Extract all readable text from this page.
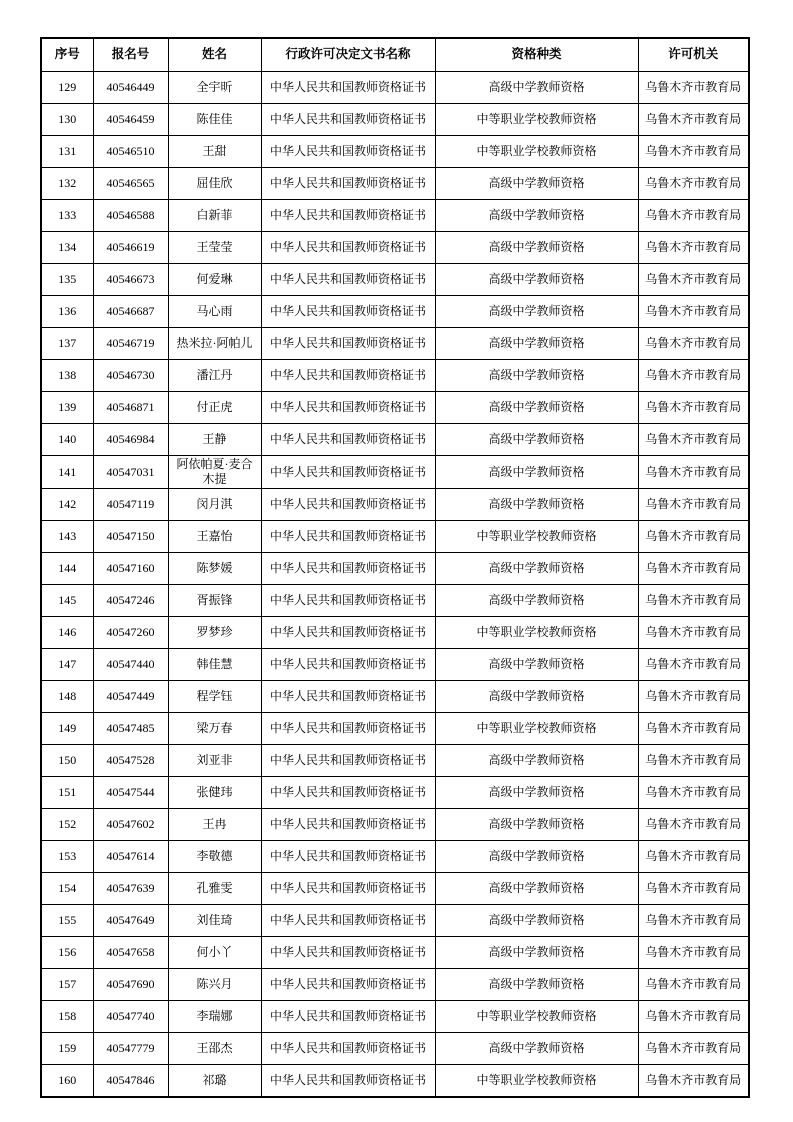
序号	报名号	姓名	行政许可决定文书名称	资格种类	许可机关
129	40546449	全宇昕	中华人民共和国教师资格证书	高级中学教师资格	乌鲁木齐市教育局
130	40546459	陈佳佳	中华人民共和国教师资格证书	中等职业学校教师资格	乌鲁木齐市教育局
131	40546510	王甜	中华人民共和国教师资格证书	中等职业学校教师资格	乌鲁木齐市教育局
132	40546565	屈佳欣	中华人民共和国教师资格证书	高级中学教师资格	乌鲁木齐市教育局
133	40546588	白新菲	中华人民共和国教师资格证书	高级中学教师资格	乌鲁木齐市教育局
134	40546619	王莹莹	中华人民共和国教师资格证书	高级中学教师资格	乌鲁木齐市教育局
135	40546673	何爱琳	中华人民共和国教师资格证书	高级中学教师资格	乌鲁木齐市教育局
136	40546687	马心雨	中华人民共和国教师资格证书	高级中学教师资格	乌鲁木齐市教育局
137	40546719	热米拉·阿帕儿	中华人民共和国教师资格证书	高级中学教师资格	乌鲁木齐市教育局
138	40546730	潘江丹	中华人民共和国教师资格证书	高级中学教师资格	乌鲁木齐市教育局
139	40546871	付正虎	中华人民共和国教师资格证书	高级中学教师资格	乌鲁木齐市教育局
140	40546984	王静	中华人民共和国教师资格证书	高级中学教师资格	乌鲁木齐市教育局
141	40547031	阿依帕夏·麦合木提	中华人民共和国教师资格证书	高级中学教师资格	乌鲁木齐市教育局
142	40547119	闵月淇	中华人民共和国教师资格证书	高级中学教师资格	乌鲁木齐市教育局
143	40547150	王嘉怡	中华人民共和国教师资格证书	中等职业学校教师资格	乌鲁木齐市教育局
144	40547160	陈梦媛	中华人民共和国教师资格证书	高级中学教师资格	乌鲁木齐市教育局
145	40547246	胥振锋	中华人民共和国教师资格证书	高级中学教师资格	乌鲁木齐市教育局
146	40547260	罗梦珍	中华人民共和国教师资格证书	中等职业学校教师资格	乌鲁木齐市教育局
147	40547440	韩佳慧	中华人民共和国教师资格证书	高级中学教师资格	乌鲁木齐市教育局
148	40547449	程学钰	中华人民共和国教师资格证书	高级中学教师资格	乌鲁木齐市教育局
149	40547485	梁万春	中华人民共和国教师资格证书	中等职业学校教师资格	乌鲁木齐市教育局
150	40547528	刘亚非	中华人民共和国教师资格证书	高级中学教师资格	乌鲁木齐市教育局
151	40547544	张健玮	中华人民共和国教师资格证书	高级中学教师资格	乌鲁木齐市教育局
152	40547602	王冉	中华人民共和国教师资格证书	高级中学教师资格	乌鲁木齐市教育局
153	40547614	李敬德	中华人民共和国教师资格证书	高级中学教师资格	乌鲁木齐市教育局
154	40547639	孔雅雯	中华人民共和国教师资格证书	高级中学教师资格	乌鲁木齐市教育局
155	40547649	刘佳琦	中华人民共和国教师资格证书	高级中学教师资格	乌鲁木齐市教育局
156	40547658	何小丫	中华人民共和国教师资格证书	高级中学教师资格	乌鲁木齐市教育局
157	40547690	陈兴月	中华人民共和国教师资格证书	高级中学教师资格	乌鲁木齐市教育局
158	40547740	李瑞娜	中华人民共和国教师资格证书	中等职业学校教师资格	乌鲁木齐市教育局
159	40547779	王邵杰	中华人民共和国教师资格证书	高级中学教师资格	乌鲁木齐市教育局
160	40547846	祁璐	中华人民共和国教师资格证书	中等职业学校教师资格	乌鲁木齐市教育局
